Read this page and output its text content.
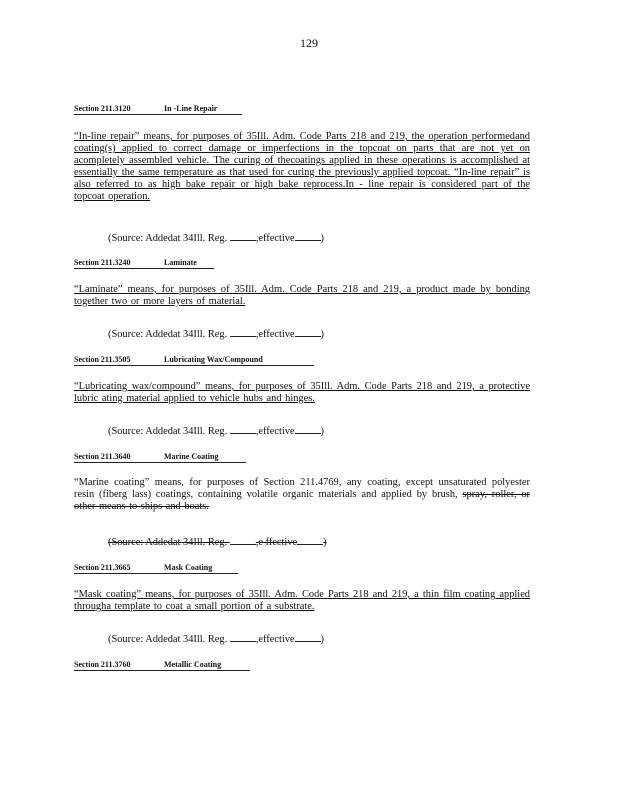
129
Section 211.3120	In -Line Repair
“In-line repair” means, for purposes of 35Ill. Adm. Code Parts 218 and 219, the operation performedand coating(s) applied to correct damage or imperfections in the topcoat on parts that are not yet on acompletely assembled vehicle. The curing of thecoatings applied in these operations is accomplished at essentially the same temperature as that used for curing the previously applied topcoat. “In-line repair” is also referred to as high bake repair or high bake reprocess.In - line repair is considered part of the topcoat operation.
(Source: Addedat 34Ill. Reg.	,effective	)
Section 211.3240	Laminate
“Laminate” means, for purposes of 35Ill. Adm. Code Parts 218 and 219, a product made by bonding together two or more layers of material.
(Source: Addedat 34Ill. Reg.	,effective	)
Section 211.3505	Lubricating Wax/Compound
“Lubricating wax/compound” means, for purposes of 35Ill. Adm. Code Parts 218 and 219, a protective lubric ating material applied to vehicle hubs and hinges.
(Source: Addedat 34Ill. Reg.	,effective	)
Section 211.3640	Marine Coating
“Marine coating” means, for purposes of Section 211.4769, any coating, except unsaturated polyester resin (fiberg lass) coatings, containing volatile organic materials and applied by brush, spray, roller, or other means to ships and boats.
(Source: Addedat 34Ill. Reg.	,e ffective	)
Section 211.3665	Mask Coating
“Mask coating” means, for purposes of 35Ill. Adm. Code Parts 218 and 219, a thin film coating applied througha template to coat a small portion of a substrate.
(Source: Addedat 34Ill. Reg.	,effective	)
Section 211.3760	Metallic Coating
